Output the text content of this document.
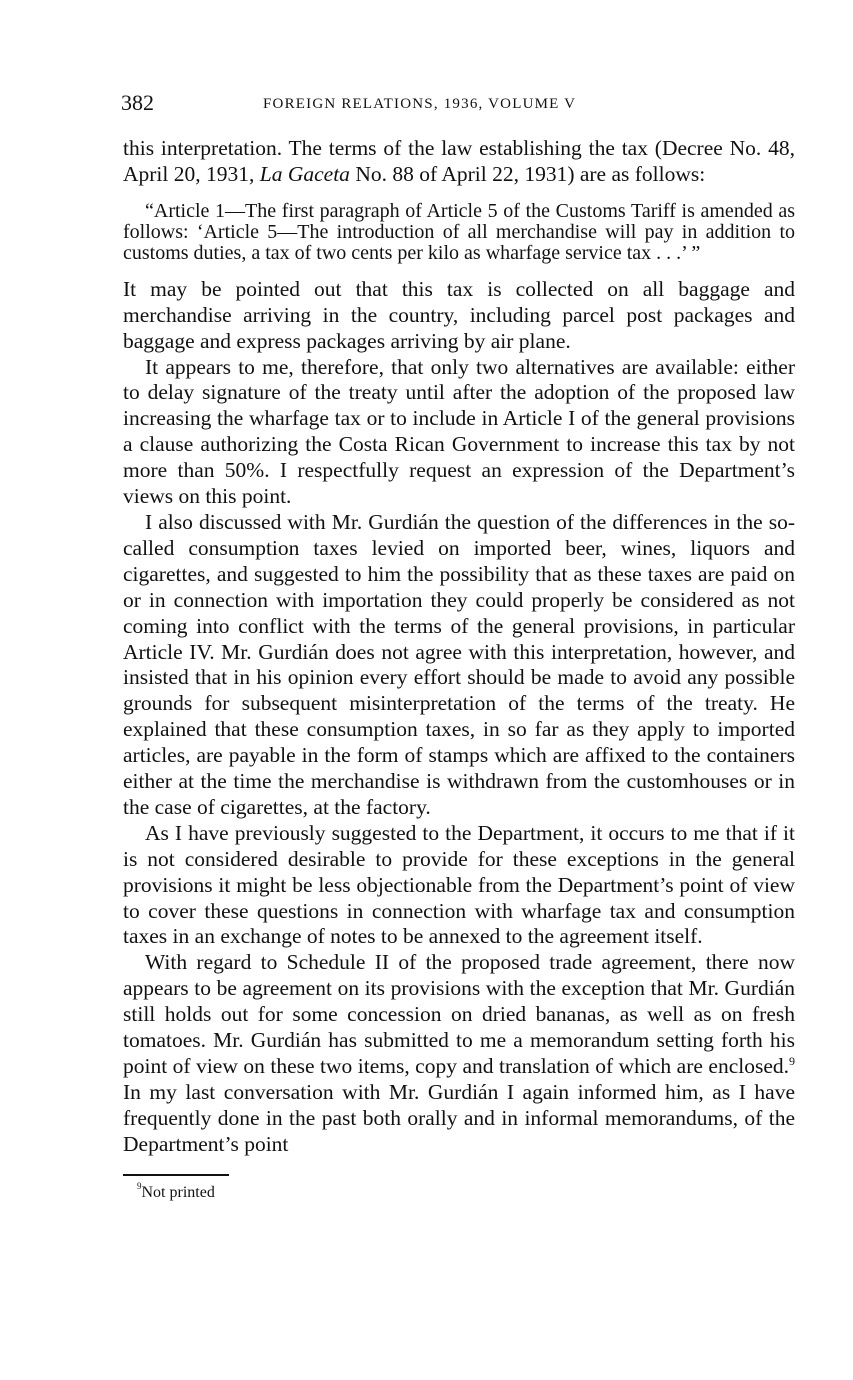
382	FOREIGN RELATIONS, 1936, VOLUME V

this interpretation. The terms of the law establishing the tax (Decree No. 48, April 20, 1931, La Gaceta No. 88 of April 22, 1931) are as follows:

“Article 1—The first paragraph of Article 5 of the Customs Tariff is amended as follows: ‘Article 5—The introduction of all merchandise will pay in addition to customs duties, a tax of two cents per kilo as wharfage service tax . . .’ ”

It may be pointed out that this tax is collected on all baggage and merchandise arriving in the country, including parcel post packages and baggage and express packages arriving by air plane.

It appears to me, therefore, that only two alternatives are available: either to delay signature of the treaty until after the adoption of the proposed law increasing the wharfage tax or to include in Article I of the general provisions a clause authorizing the Costa Rican Government to increase this tax by not more than 50%. I respectfully request an expression of the Department’s views on this point.

I also discussed with Mr. Gurdián the question of the differences in the so-called consumption taxes levied on imported beer, wines, liquors and cigarettes, and suggested to him the possibility that as these taxes are paid on or in connection with importation they could properly be considered as not coming into conflict with the terms of the general provisions, in particular Article IV. Mr. Gurdián does not agree with this interpretation, however, and insisted that in his opinion every effort should be made to avoid any possible grounds for subsequent misinterpretation of the terms of the treaty. He explained that these consumption taxes, in so far as they apply to imported articles, are payable in the form of stamps which are affixed to the containers either at the time the merchandise is withdrawn from the customhouses or in the case of cigarettes, at the factory.

As I have previously suggested to the Department, it occurs to me that if it is not considered desirable to provide for these exceptions in the general provisions it might be less objectionable from the Department’s point of view to cover these questions in connection with wharfage tax and consumption taxes in an exchange of notes to be annexed to the agreement itself.

With regard to Schedule II of the proposed trade agreement, there now appears to be agreement on its provisions with the exception that Mr. Gurdián still holds out for some concession on dried bananas, as well as on fresh tomatoes. Mr. Gurdián has submitted to me a memorandum setting forth his point of view on these two items, copy and translation of which are enclosed.$^9$ In my last conversation with Mr. Gurdián I again informed him, as I have frequently done in the past both orally and in informal memorandums, of the Department’s point

$^9$Not printed
